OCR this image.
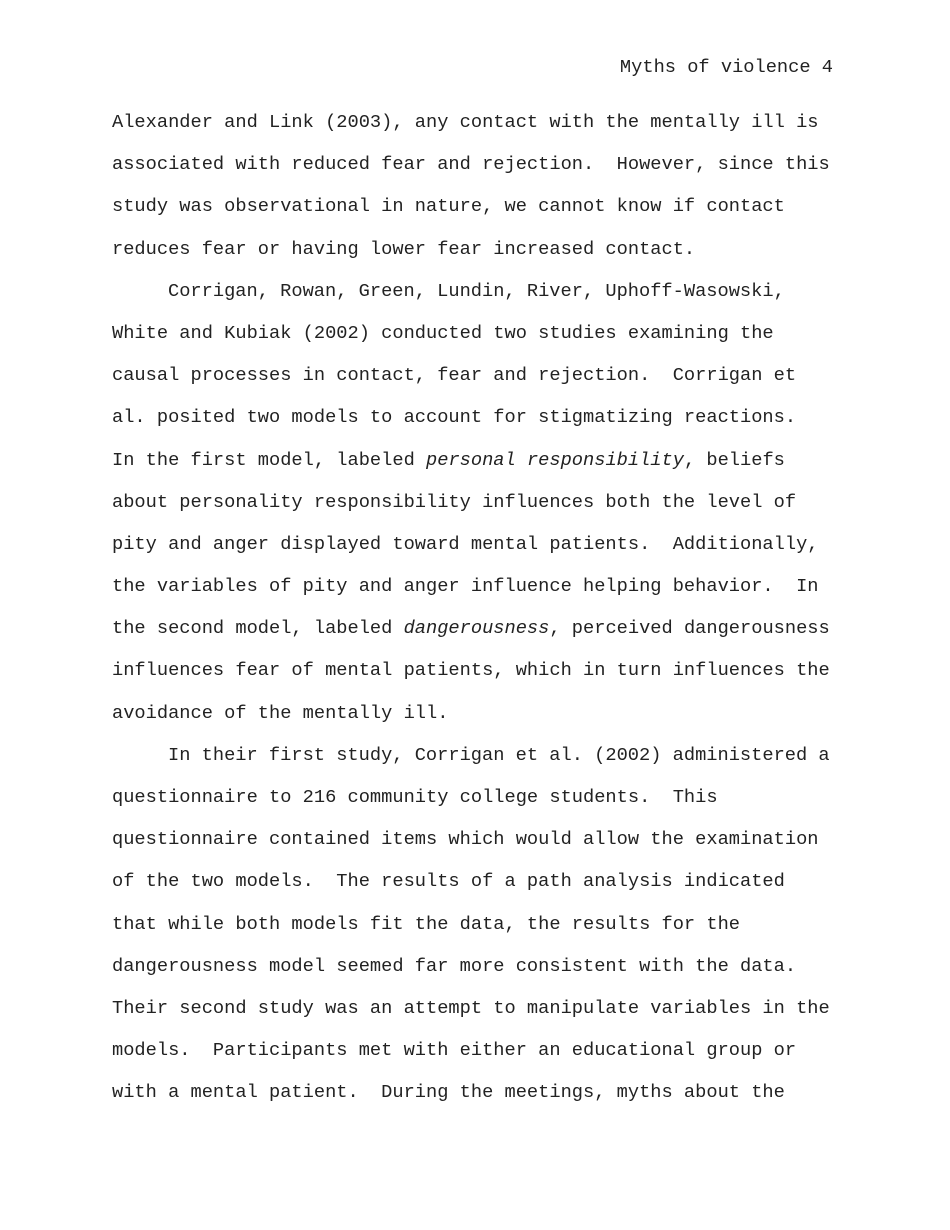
Myths of violence 4
Alexander and Link (2003), any contact with the mentally ill is
associated with reduced fear and rejection.  However, since this
study was observational in nature, we cannot know if contact
reduces fear or having lower fear increased contact.
Corrigan, Rowan, Green, Lundin, River, Uphoff-Wasowski,
White and Kubiak (2002) conducted two studies examining the
causal processes in contact, fear and rejection.  Corrigan et
al. posited two models to account for stigmatizing reactions.
In the first model, labeled personal responsibility, beliefs
about personality responsibility influences both the level of
pity and anger displayed toward mental patients.  Additionally,
the variables of pity and anger influence helping behavior.  In
the second model, labeled dangerousness, perceived dangerousness
influences fear of mental patients, which in turn influences the
avoidance of the mentally ill.
In their first study, Corrigan et al. (2002) administered a
questionnaire to 216 community college students.  This
questionnaire contained items which would allow the examination
of the two models.  The results of a path analysis indicated
that while both models fit the data, the results for the
dangerousness model seemed far more consistent with the data.
Their second study was an attempt to manipulate variables in the
models.  Participants met with either an educational group or
with a mental patient.  During the meetings, myths about the
